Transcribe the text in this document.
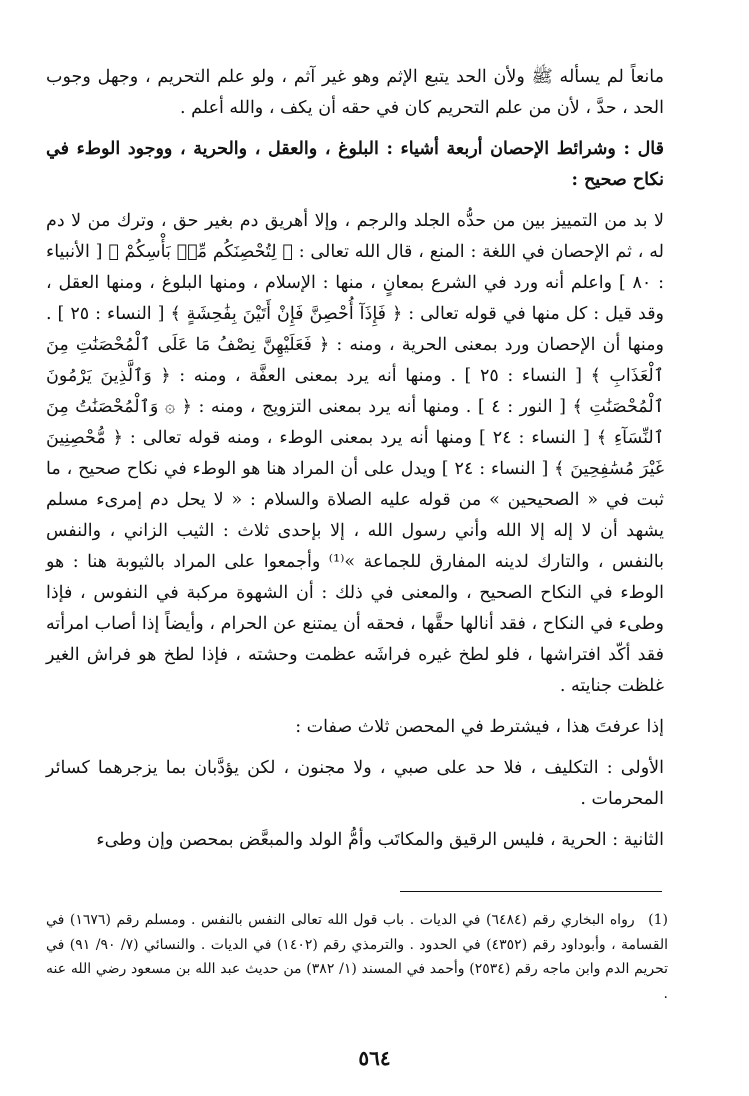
مانعاً لم يسأله ﷺ ولأن الحد يتبع الإثم وهو غير آثم ، ولو علم التحريم ، وجهل وجوب الحد ، حدَّ ، لأن من علم التحريم كان في حقه أن يكف ، والله أعلم .

قال : وشرائط الإحصان أربعة أشياء : البلوغ ، والعقل ، والحرية ، ووجود الوطء في نكاح صحيح :

لا بد من التمييز بين من حدُّه الجلد والرجم ، وإلا أهريق دم بغير حق ، وترك من لا دم له ، ثم الإحصان في اللغة : المنع ، قال الله تعالى : ﴿ لِتُحْصِنَكُم مِّنۢ بَأْسِكُمْ ﴾ [ الأنبياء : ٨٠ ] واعلم أنه ورد في الشرع بمعانٍ ، منها : الإسلام ، ومنها البلوغ ، ومنها العقل ، وقد قيل : كل منها في قوله تعالى : ﴿ فَإِذَآ أُحْصِنَّ فَإِنْ أَتَيْنَ بِفَٰحِشَةٍ ﴾ [ النساء : ٢٥ ] . ومنها أن الإحصان ورد بمعنى الحرية ، ومنه : ﴿ فَعَلَيْهِنَّ نِصْفُ مَا عَلَى ٱلْمُحْصَنَٰتِ مِنَ ٱلْعَذَابِ ﴾ [ النساء : ٢٥ ] . ومنها أنه يرد بمعنى العفَّة ، ومنه : ﴿ وَٱلَّذِينَ يَرْمُونَ ٱلْمُحْصَنَٰتِ ﴾ [ النور : ٤ ] . ومنها أنه يرد بمعنى التزويج ، ومنه : ﴿ ۞ وَٱلْمُحْصَنَٰتُ مِنَ ٱلنِّسَآءِ ﴾ [ النساء : ٢٤ ] ومنها أنه يرد بمعنى الوطء ، ومنه قوله تعالى : ﴿ مُّحْصِنِينَ غَيْرَ مُسَٰفِحِينَ ﴾ [ النساء : ٢٤ ] ويدل على أن المراد هنا هو الوطء في نكاح صحيح ، ما ثبت في « الصحيحين » من قوله عليه الصلاة والسلام : « لا يحل دم إمرىء مسلم يشهد أن لا إله إلا الله وأني رسول الله ، إلا بإحدى ثلاث : الثيب الزاني ، والنفس بالنفس ، والتارك لدينه المفارق للجماعة »⁽¹⁾ وأجمعوا على المراد بالثيوبة هنا : هو الوطء في النكاح الصحيح ، والمعنى في ذلك : أن الشهوة مركبة في النفوس ، فإذا وطىء في النكاح ، فقد أنالها حقَّها ، فحقه أن يمتنع عن الحرام ، وأيضاً إذا أصاب امرأته فقد أكّد افتراشها ، فلو لطخ غيره فراشَه عظمت وحشته ، فإذا لطخ هو فراش الغير غلظت جنايته .

إذا عرفتَ هذا ، فيشترط في المحصن ثلاث صفات :

الأولى : التكليف ، فلا حد على صبي ، ولا مجنون ، لكن يؤدَّبان بما يزجرهما كسائر المحرمات .

الثانية : الحرية ، فليس الرقيق والمكاتَب وأمُّ الولد والمبعَّض بمحصن وإن وطىء

(1) رواه البخاري رقم (٦٤٨٤) في الديات . باب قول الله تعالى النفس بالنفس . ومسلم رقم (١٦٧٦) في القسامة ، وأبوداود رقم (٤٣٥٢) في الحدود . والترمذي رقم (١٤٠٢) في الديات . والنسائي (٧/ ٩٠/ ٩١) في تحريم الدم وابن ماجه رقم (٢٥٣٤) وأحمد في المسند (١/ ٣٨٢) من حديث عبد الله بن مسعود رضي الله عنه .
٥٦٤
